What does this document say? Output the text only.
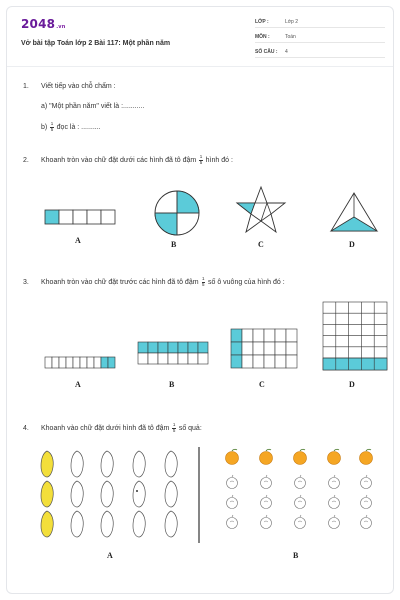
2048.vn
Vở bài tập Toán lớp 2 Bài 117: Một phần năm
LỚP :	Lớp 2
MÔN :	Toán
SỐ CÂU : 4
1. Viết tiếp vào chỗ chấm :
a) "Một phần năm" viết là :...........
$b) \frac{1}{5}$ đọc là : ..........
2. Khoanh tròn vào chữ đặt dưới các hình đã tô đậm $\frac{1}{5}$ hình đó :
A	B	C	D
3. Khoanh tròn vào chữ đặt trước các hình đã tô đậm $\frac{1}{5}$ số ô vuông của hình đó :
A	B	C	D
4. Khoanh vào chữ đặt dưới hình đã tô đậm $\frac{1}{5}$ số quả:
A	B
